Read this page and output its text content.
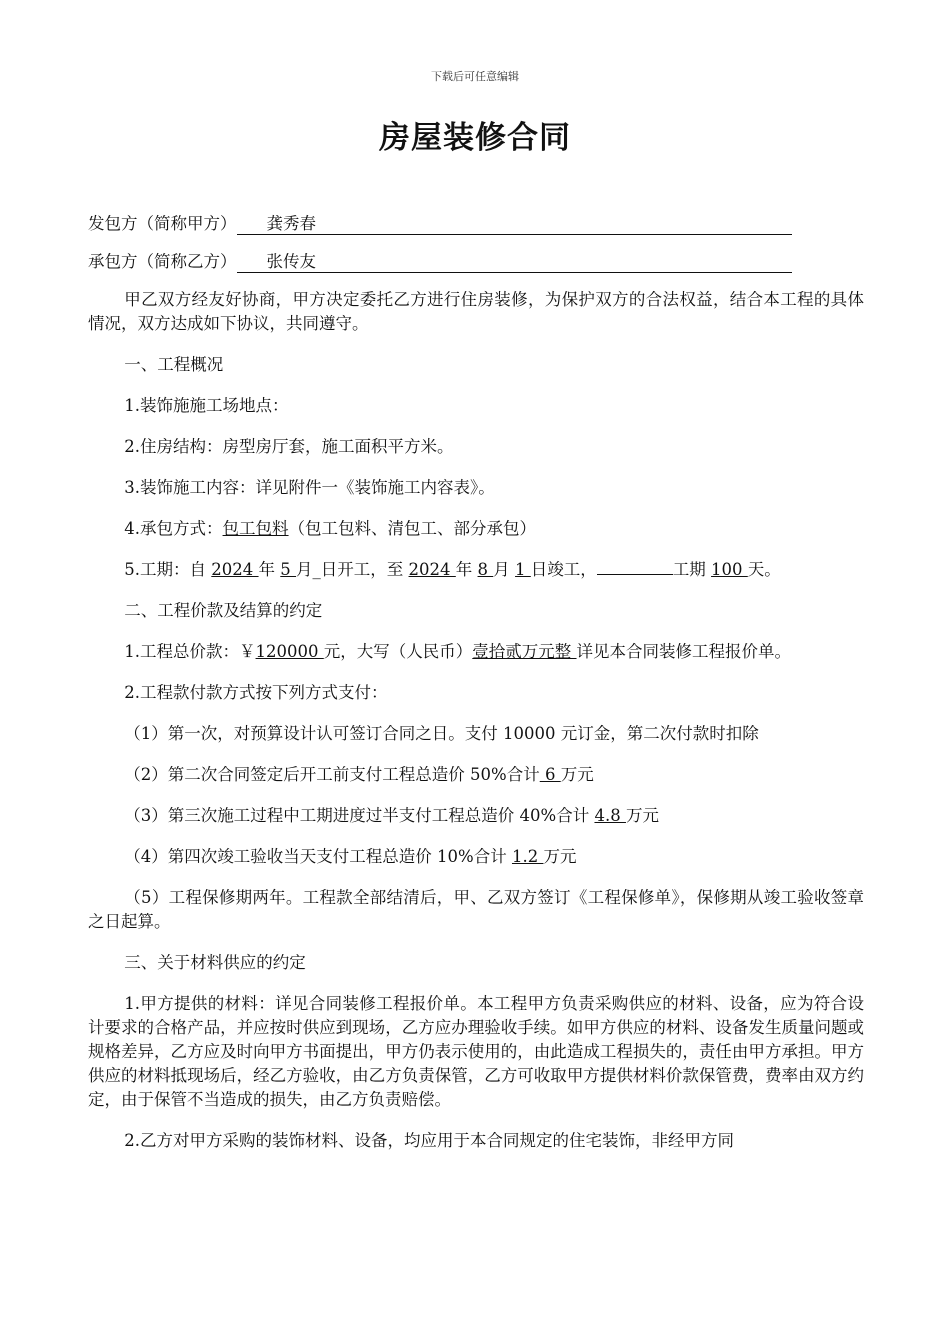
下载后可任意编辑
房屋装修合同

发包方（简称甲方） 龚秀春

承包方（简称乙方） 张传友

甲乙双方经友好协商，甲方决定委托乙方进行住房装修，为保护双方的合法权益，结合本工程的具体情况，双方达成如下协议，共同遵守。

一、工程概况

1.装饰施施工场地点：

2.住房结构：房型房厅套，施工面积平方米。

3.装饰施工内容：详见附件一《装饰施工内容表》。

4.承包方式：包工包料（包工包料、清包工、部分承包）

5.工期：自 2024 年 5 月_日开工，至 2024 年 8 月 1 日竣工，	工期 100 天。

二、工程价款及结算的约定

1.工程总价款：￥120000 元，大写（人民币）壹拾贰万元整 详见本合同装修工程报价单。

2.工程款付款方式按下列方式支付：

（1）第一次，对预算设计认可签订合同之日。支付 10000 元订金，第二次付款时扣除

（2）第二次合同签定后开工前支付工程总造价 50%合计 6 万元

（3）第三次施工过程中工期进度过半支付工程总造价 40%合计 4.8 万元

（4）第四次竣工验收当天支付工程总造价 10%合计 1.2 万元

（5）工程保修期两年。工程款全部结清后，甲、乙双方签订《工程保修单》，保修期从竣工验收签章之日起算。

三、关于材料供应的约定

1.甲方提供的材料：详见合同装修工程报价单。本工程甲方负责采购供应的材料、设备，应为符合设计要求的合格产品，并应按时供应到现场，乙方应办理验收手续。如甲方供应的材料、设备发生质量问题或规格差异，乙方应及时向甲方书面提出，甲方仍表示使用的，由此造成工程损失的，责任由甲方承担。甲方供应的材料抵现场后，经乙方验收，由乙方负责保管，乙方可收取甲方提供材料价款保管费，费率由双方约定，由于保管不当造成的损失，由乙方负责赔偿。

2.乙方对甲方采购的装饰材料、设备，均应用于本合同规定的住宅装饰，非经甲方同
